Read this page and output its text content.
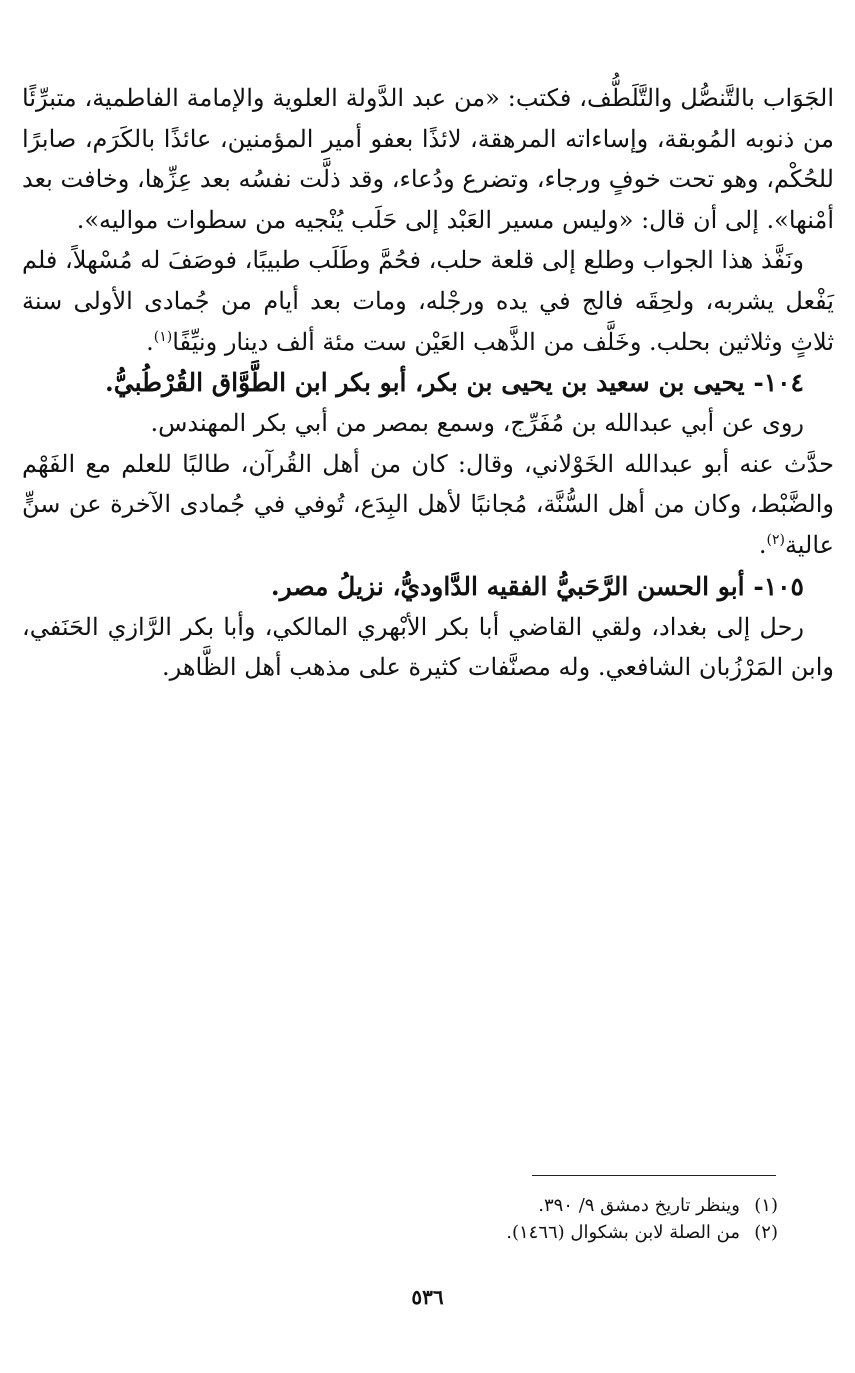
الجَوَاب بالتَّنصُّل والتَّلَطُّف، فكتب: «من عبد الدَّولة العلوية والإمامة الفاطمية، متبرِّئًا من ذنوبه المُوبقة، وإساءاته المرهقة، لائذًا بعفو أمير المؤمنين، عائذًا بالكَرَم، صابرًا للحُكْم، وهو تحت خوفٍ ورجاء، وتضرع ودُعاء، وقد ذلَّت نفسُه بعد عِزِّها، وخافت بعد أمْنها». إلى أن قال: «وليس مسير العَبْد إلى حَلَب يُنْجيه من سطوات مواليه».

ونَفَّذ هذا الجواب وطلع إلى قلعة حلب، فحُمَّ وطَلَب طبيبًا، فوصَفَ له مُسْهلاً، فلم يَفْعل يشربه، ولحِقَه فالج في يده ورجْله، ومات بعد أيام من جُمادى الأولى سنة ثلاثٍ وثلاثين بحلب. وخَلَّف من الذَّهب العَيْن ست مئة ألف دينار ونيِّفًا$^{(١)}$.

١٠٤- يحيى بن سعيد بن يحيى بن بكر، أبو بكر ابن الطَّوَّاق القُرْطُبيُّ.

روى عن أبي عبدالله بن مُفَرِّج، وسمع بمصر من أبي بكر المهندس.

حدَّث عنه أبو عبدالله الخَوْلاني، وقال: كان من أهل القُرآن، طالبًا للعلم مع الفَهْم والضَّبْط، وكان من أهل السُّنَّة، مُجانبًا لأهل البِدَع، تُوفي في جُمادى الآخرة عن سنٍّ عالية$^{(٢)}$.

١٠٥- أبو الحسن الرَّحَبيُّ الفقيه الدَّاوديُّ، نزيلُ مصر.

رحل إلى بغداد، ولقي القاضي أبا بكر الأبْهري المالكي، وأبا بكر الرَّازي الحَنَفي، وابن المَرْزُبان الشافعي. وله مصنَّفات كثيرة على مذهب أهل الظَّاهر.

(١)وينظر تاريخ دمشق ٩/ ٣٩٠.

(٢)من الصلة لابن بشكوال (١٤٦٦).

٥٣٦
